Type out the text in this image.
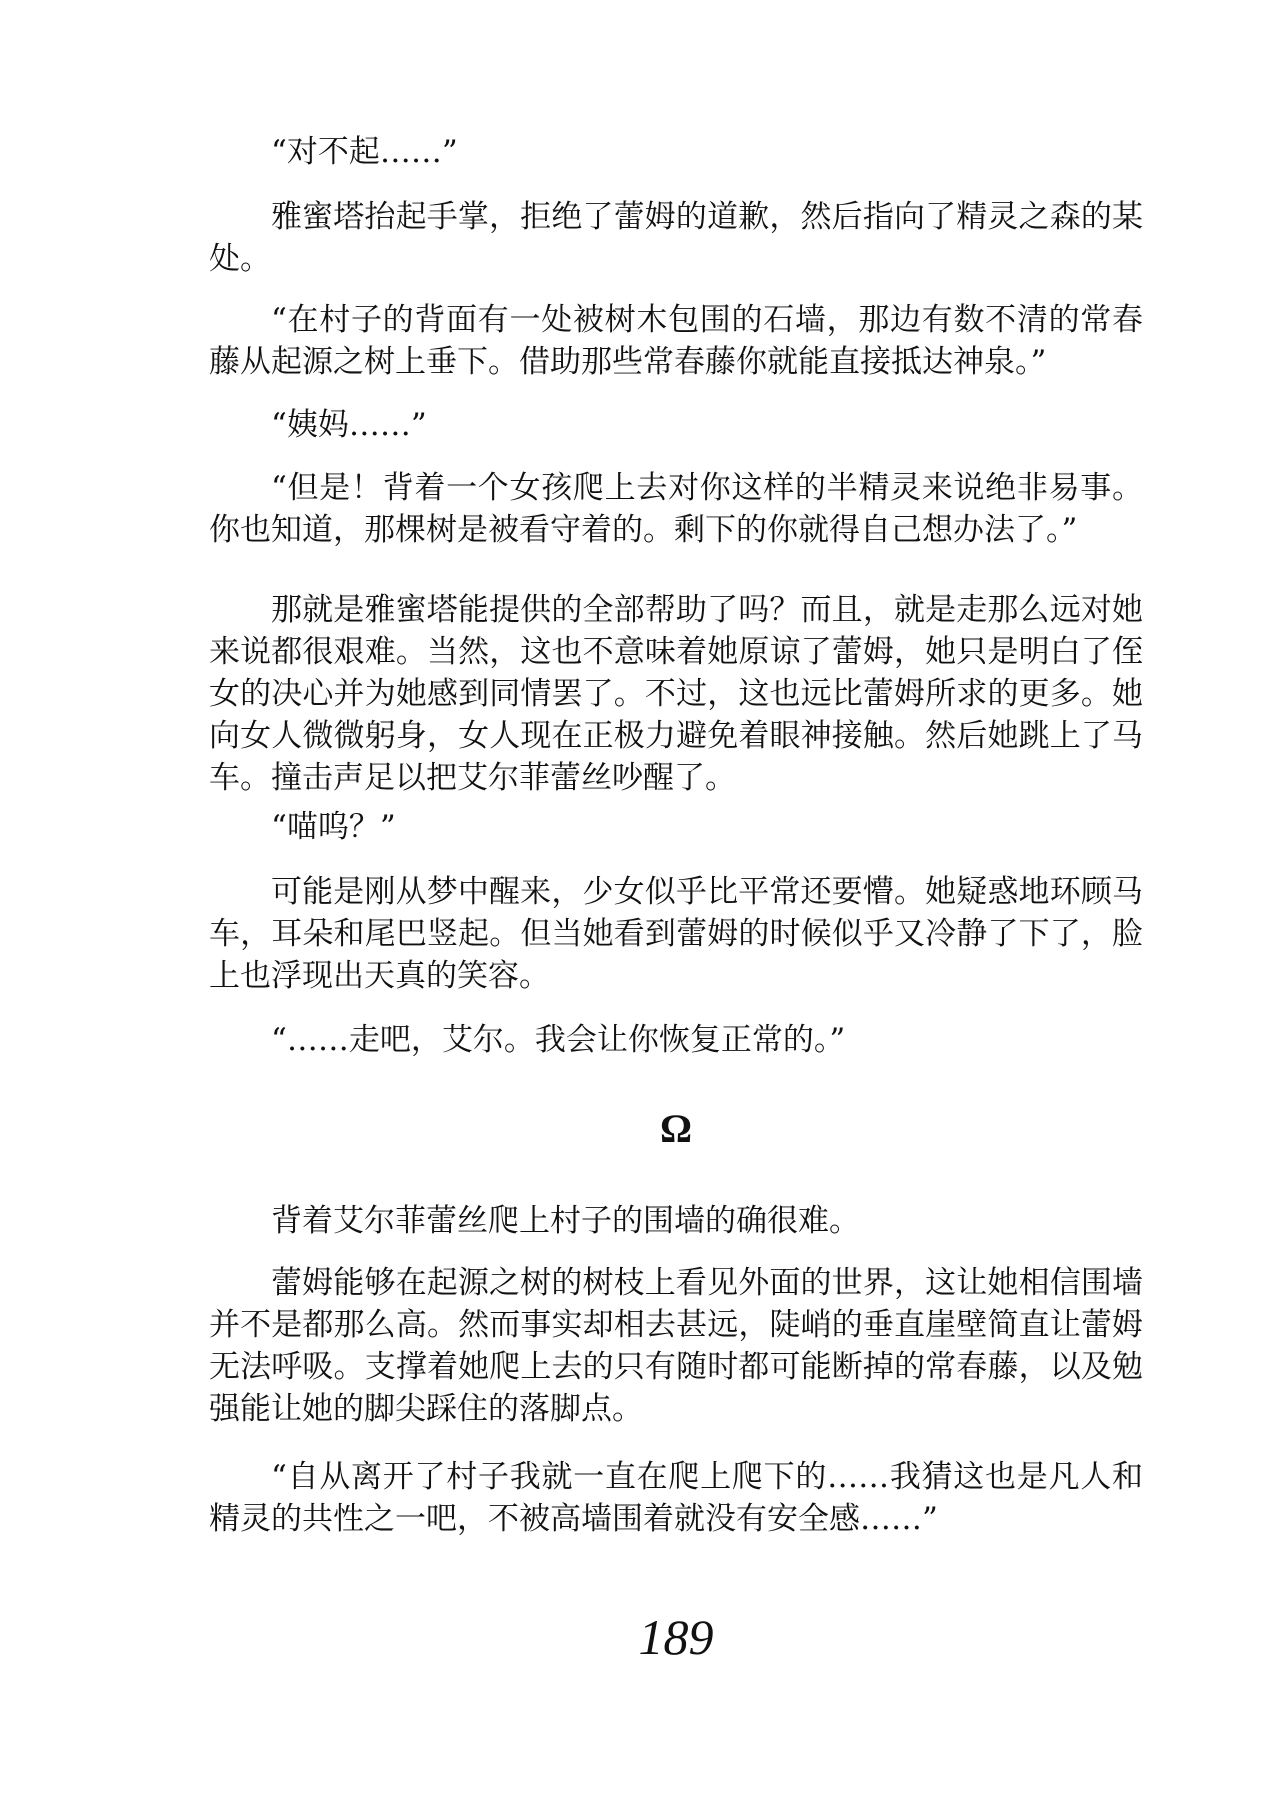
“对不起……”

雅蜜塔抬起手掌，拒绝了蕾姆的道歉，然后指向了精灵之森的某处。

“在村子的背面有一处被树木包围的石墙，那边有数不清的常春藤从起源之树上垂下。借助那些常春藤你就能直接抵达神泉。”

“姨妈……”

“但是！背着一个女孩爬上去对你这样的半精灵来说绝非易事。你也知道，那棵树是被看守着的。剩下的你就得自己想办法了。”

那就是雅蜜塔能提供的全部帮助了吗？而且，就是走那么远对她来说都很艰难。当然，这也不意味着她原谅了蕾姆，她只是明白了侄女的决心并为她感到同情罢了。不过，这也远比蕾姆所求的更多。她向女人微微躬身，女人现在正极力避免着眼神接触。然后她跳上了马车。撞击声足以把艾尔菲蕾丝吵醒了。

“喵呜？”

可能是刚从梦中醒来，少女似乎比平常还要懵。她疑惑地环顾马车，耳朵和尾巴竖起。但当她看到蕾姆的时候似乎又冷静了下了，脸上也浮现出天真的笑容。

“……走吧，艾尔。我会让你恢复正常的。”

Ω

背着艾尔菲蕾丝爬上村子的围墙的确很难。

蕾姆能够在起源之树的树枝上看见外面的世界，这让她相信围墙并不是都那么高。然而事实却相去甚远，陡峭的垂直崖壁简直让蕾姆无法呼吸。支撑着她爬上去的只有随时都可能断掉的常春藤，以及勉强能让她的脚尖踩住的落脚点。

“自从离开了村子我就一直在爬上爬下的……我猜这也是凡人和精灵的共性之一吧，不被高墙围着就没有安全感……”

189
